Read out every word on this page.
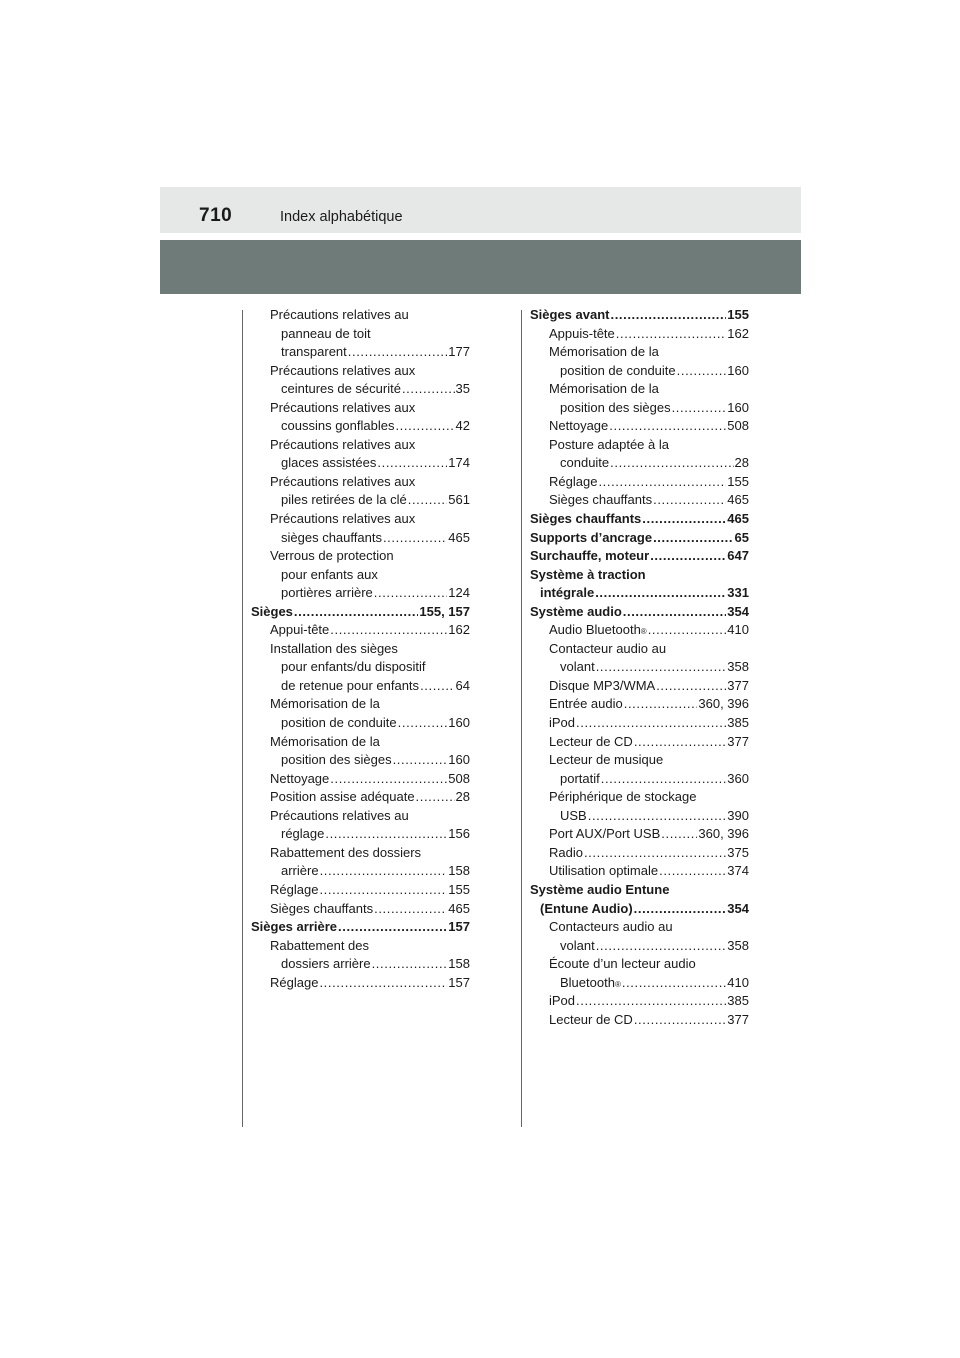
710	Index alphabétique
Précautions relatives au
panneau de toit
transparent .....	177
Précautions relatives aux
ceintures de sécurité .....	35
Précautions relatives aux
coussins gonflables .....	42
Précautions relatives aux
glaces assistées .....	174
Précautions relatives aux
piles retirées de la clé .....	561
Précautions relatives aux
sièges chauffants .....	465
Verrous de protection
pour enfants aux
portières arrière .....	124
Sièges .....	155, 157
Appui-tête .....	162
Installation des sièges
pour enfants/du dispositif
de retenue pour enfants .....	64
Mémorisation de la
position de conduite .....	160
Mémorisation de la
position des sièges .....	160
Nettoyage .....	508
Position assise adéquate .....	28
Précautions relatives au
réglage .....	156
Rabattement des dossiers
arrière .....	158
Réglage .....	155
Sièges chauffants .....	465
Sièges arrière .....	157
Rabattement des
dossiers arrière .....	158
Réglage .....	157
Sièges avant .....	155
Appuis-tête .....	162
Mémorisation de la
position de conduite .....	160
Mémorisation de la
position des sièges .....	160
Nettoyage .....	508
Posture adaptée à la
conduite .....	28
Réglage .....	155
Sièges chauffants .....	465
Sièges chauffants .....	465
Supports d’ancrage .....	65
Surchauffe, moteur .....	647
Système à traction
intégrale .....	331
Système audio .....	354
Audio Bluetooth ® .....	410
Contacteur audio au
volant .....	358
Disque MP3/WMA .....	377
Entrée audio .....	360, 396
iPod .....	385
Lecteur de CD .....	377
Lecteur de musique
portatif .....	360
Périphérique de stockage
USB .....	390
Port AUX/Port USB .....	360, 396
Radio .....	375
Utilisation optimale .....	374
Système audio Entune
(Entune Audio) .....	354
Contacteurs audio au
volant .....	358
Écoute d’un lecteur audio
Bluetooth ® .....	410
iPod .....	385
Lecteur de CD .....	377
